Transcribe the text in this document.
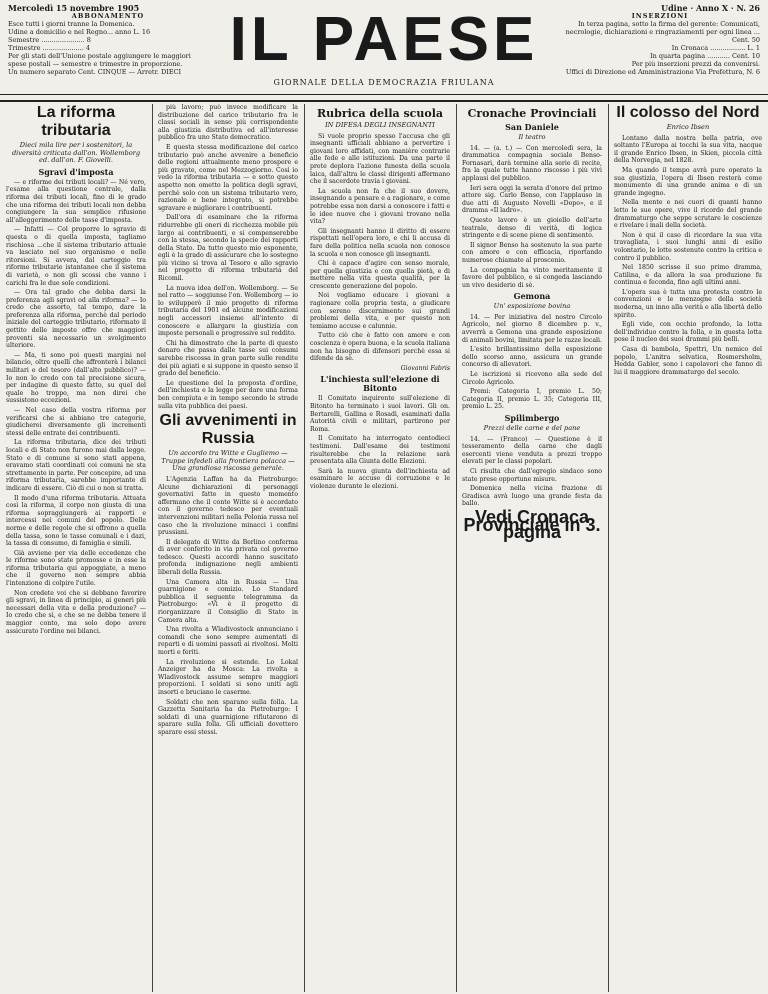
Mercoledì 15 novembre 1905
ABBONAMENTO
Esce tutti i giorni tranne la Domenica.
Udine a domicilio e nel Regno... anno L. 16
Semestre ..................... 8
Trimestre .................... 4
Per gli stati dell'Unione postale aggiungere le maggiori spese postali — semestre e trimestre in proporzione.
Un numero separato Cent. CINQUE — Arretr. DIECI IL PAESE
GIORNALE DELLA DEMOCRAZIA FRIULANA
Udine · Anno X · N. 26
INSERZIONI
In terza pagina, sotto la firma del gerente: Comunicati, necrologie, dichiarazioni e ringraziamenti per ogni linea ... Cent. 50
In Cronaca ................. L. 1
In quarta pagina ........... Cent. 10
Per più inserzioni prezzi da convenirsi.
Uffici di Direzione ed Amministrazione Via Prefettura, N. 6
La riforma tributaria
Dieci mila lire per i sostenitori, la diversità criticata dall'on. Wollemborg ed. dall'on. F. Giovelli.
Sgravi d'imposta

— e riforme dei tributi locali? — Né vero, l'esame alla questione centrale, dalla riforma dei tributi locali, fino di le grado che una riforma dei tributi locali non debba congiungere la sua semplice rifusione all'alleggerimento delle tasse d'imposta.

— Infatti — Col proporre lo sgravio di questa o di quella imposta, tagliamo rischiosa ...che il sistema tributario attuale va lasciato nel suo organismo e nelle ritorsioni. Si avvera, dal carteggio tra riforme tributarie istantanee che il sistema di varietà, o non gli scossi che vanno i carichi fra le due sole condizioni.

— Ora tal grado che debba darsi la preferenza agli sgravi od alla riforma? — Io credo che assorto, tal tempo, dare la preferenza alla riforma, perchè dal periodo iniziale del carteggio tributario, riformato il gettito delle imposte offre che maggiori proventi sia necessario un svolgimento ulteriore.

— Ma, ti sono poi questi margini nel bilancio, oltre quelli che affronterà i bilanci militari e del tesoro (dall'alto pubblico)? — Io non lo credo con tal precisione sicura, per indagine di questo fatto, su quel del quale ho troppo, ma non direi che sussistono eccezioni.

— Nel caso della vostra riforma per verificarsi che si abbiano tre categorie, giudicherei diversamente gli incrementi stessi delle entrate dei contribuenti.

La riforma tributaria, dice dei tributi locali e di Stato non furono mai dalla legge. Stato e di comune si sono stati appena, eravamo stati coordinati coi comuni ne sta strettamente in parte. Per concepire, ad una riforma tributaria, sarebbe importante di indicare di essere. Ciò di cui o non si tratta.

Il modo d'una riforma tributaria. Attuata così la riforma, il corpo non giusta di una riforma sopraggiungerà ai rapporti e intercessi nei comuni del popolo. Delle norme e delle regole che si offrono a quella della tassa, sono le tasse comunali e i dazi, la tassa di consumo, di famiglia e simili.

Già avviene per via delle eccedenze che le riforme sono state promosse e in esse la riforma tributaria qui appoggiate, a meno che il governo non sempre abbia l'intenzione di colpire l'utile.

Non credete voi che si debbano favorire gli sgravi, in linea di principio, ai generi più necessari della vita e della produzione? — Io credo che sì, e che se ne debba tenere il maggior conto, ma solo dopo avere assicurato l'ordine nei bilanci.

più lavoro; può invece modificare la distribuzione del carico tributario fra le classi sociali in senso più corrispondente alla giustizia distributiva ed all'interesse pubblico fra uno Stato democratico.

E questa stessa modificazione del carico tributario può anche avvenire a beneficio delle regioni attualmente meno prospere e più gravate, come nel Mezzogiorno. Così io vedo la riforma tributaria — e sotto questo aspetto non ometto la politica degli sgravi, perchè solo con un sistema tributario vero, razionale e bene integrato, si potrebbe sgravare e migliorare i contribuenti.

Dall'ora di esaminare che la riforma ridurrebbe gli oneri di ricchezza mobile più largo ai contribuenti, e si compenserebbe con la stessa, secondo la specie dei rapporti della Stato. Da tutto questo mio esponente, egli è la grado di assicurare che lo sostegno più vicino si trova al Tesoro e allo sgravio nel progetto di riforma tributaria del Ricomil.

La nuova idea dell'on. Wollemborg. — Se nel ratto — soggiunse l'on. Wollemborg — io lo svilupperò il mio progetto di riforma tributaria del 1901 ed alcune modificazioni negli accessori insieme all'intento di conoscere e allargare la giustizia con imposte personali e progressive sul reddito.

Chi ha dimostrato che la parte di questo denaro che passa dalle tasse sui consumi sarebbe riscossa in gran parte sulle rendite dei più agiati e si suppone in questo senso il grado del beneficio.

Le questione del la proposta d'ordine, dell'inchiesta e la legge per dare una forma ben compiuta e in tempo secondo le strade sulla vita pubblica dei paesi.

Gli avvenimenti in Russia
Un accordo tra Witte e Gugliemo — Truppe infedeli alla frontiera polacca — Una grandiosa riscossa generale.

L'Agenzia Laffan ha da Pietroburgo: Alcune dichiarazioni di personaggi governativi fatte in questo momento affermano che il conte Witte si è accordato con il governo tedesco per eventuali intervenzioni militari nella Polonia russa nel caso che la rivoluzione minacci i confini prussiani.

Il delegato di Witte da Berlino conferma di aver conferito in via privata col governo tedesco. Questi accordi hanno suscitato profonda indignazione negli ambienti liberali della Russia.

Una Camera alta in Russia — Una guarnigione e comizio. Lo Standard pubblica il seguente telegramma da Pietroburgo: «Vi è il progetto di riorganizzare il Consiglio di Stato in Camera alta.

Una rivolta a Wladivostock annunciano i comandi che sono sempre aumentati di reparti e di uomini passati ai rivoltosi. Molti morti e feriti.

La rivoluzione si estende. Lo Lokal Anzeiger ha da Mosca: La rivolta a Wladivostock assume sempre maggiori proporzioni. I soldati si sono uniti agli insorti e bruciano le caserme.

Soldati che non sparano sulla folla. La Gazzetta Sanitaria ha da Pietroburgo: I soldati di una guarnigione rifiutarono di sparare sulla folla. Gli ufficiali dovettero sparare essi stessi.

Rubrica della scuola
IN DIFESA DEGLI INSEGNANTI

Si vuole proprio spesso l'accusa che gli insegnanti ufficiali abbiano a pervertire i giovani loro affidati, con manière contrarie alle fede e alle istituzioni. Da una parte il prete deplora l'azione funesta della scuola laica, dall'altra le classi dirigenti affermano che il sacerdote travia i giovani.

La scuola non fa che il suo dovere, insegnando a pensare e a ragionare, e come potrebbe essa non darsi a conoscere i fatti e le idee nuove che i giovani trovano nella vita?

Gli insegnanti hanno il diritto di essere rispettati nell'opera loro, e chi li accusa di fare della politica nella scuola non conosce la scuola e non conosce gli insegnanti.

Chi è capace d'agire con senso morale, per quella giustizia e con quella pietà, e di mettere nella vita questa qualità, per la crescente generazione del popolo.

Noi vogliamo educare i giovani a ragionare colla propria testa, a giudicare con sereno discernimento sui grandi problemi della vita, e per questo non temiamo accuse e calunnie.

Tutto ciò che è fatto con amore e con coscienza è opera buona, e la scuola italiana non ha bisogno di difensori perchè essa si difende da sè.

Giovanni Fabris
L'inchiesta sull'elezione di Bitonto

Il Comitato inquirente sull'elezione di Bitonto ha terminato i suoi lavori. Gli on. Bertarelli, Gallina e Rosadi, esaminati dalla Autorità civili e militari, partirono per Roma.

Il Comitato ha interrogato centodieci testimoni. Dall'esame dei testimoni risulterebbe che la relazione sarà presentata alla Giunta delle Elezioni.

Sarà la nuova giunta dell'inchiesta ad esaminare le accuse di corruzione e le violenze durante le elezioni.

Cronache Provinciali
San Daniele
Il teatro

14. — (a. t.) — Con mercoledì sera, la drammatica compagnia sociale Benso-Fornasari, darà termine alla serie di recite, fra la quale tutte hanno riscosso i più vivi applausi del pubblico.

Ieri sera oggi la serata d'onore del primo attore sig. Carlo Benso, con l'applauso in due atti di Augusto Novelli «Dopo», e il dramma «Il ladro».

Questo lavoro è un gioiello dell'arte teatrale, denso di verità, di logica stringente e di scene piene di sentimento.

Il signor Benso ha sostenuto la sua parte con amore e con efficacia, riportando numerose chiamate al proscenio.

La compagnia ha vinto meritamente il favore del pubblico, e si congeda lasciando un vivo desiderio di sè.

Gemona
Un' esposizione bovina

14. — Per iniziativa del nostro Circolo Agricolo, nel giorno 8 dicembre p. v., avverrà a Gemona una grande esposizione di animali bovini, limitata per le razze locali.

L'esito brillantissimo della esposizione dello scorso anno, assicura un grande concorso di allevatori.

Le iscrizioni si ricevono alla sede del Circolo Agricolo.

Premi: Categoria I, premio L. 50; Categoria II, premio L. 35; Categoria III, premio L. 25.

Spilimbergo
Prezzi delle carne e del pane

14. — (Franco) — Questione è il tesseramento della carne che dagli esercenti viene venduta a prezzi troppo elevati per le classi popolari.

Ci risulta che dall'egregio sindaco sono state prese opportune misure.

Domenica nella vicina frazione di Gradisca avrà luogo una grande festa da ballo.

Vedi Cronaca Provinciale in 3. pagina
Il colosso del Nord
Enrico Ibsen

Lontano dalla nostra bella patria, ove soltanto l'Europa ai tocchi la sua vita, nacque il grande Enrico Ibsen, in Skien, piccola città della Norvegia, nel 1828.

Ma quando il tempo avrà pure operato la sua giustizia, l'opera di Ibsen resterà come monumento di una grande anima e di un grande ingegno.

Nella mente e nei cuori di quanti hanno letto le sue opere, vive il ricordo del grande drammaturgo che seppe scrutare le coscienze e rivelare i mali della società.

Non è qui il caso di ricordare la sua vita travagliata, i suoi lunghi anni di esilio volontario, le lotte sostenute contro la critica e contro il pubblico.

Nel 1850 scrisse il suo primo dramma, Catilina, e da allora la sua produzione fu continua e feconda, fino agli ultimi anni.

L'opera sua è tutta una protesta contro le convenzioni e le menzogne della società moderna, un inno alla verità e alla libertà dello spirito.

Egli vide, con occhio profondo, la lotta dell'individuo contro la folla, e in questa lotta pose il nucleo dei suoi drammi più belli.

Casa di bambola, Spettri, Un nemico del popolo, L'anitra selvatica, Rosmersholm, Hedda Gabler, sono i capolavori che fanno di lui il maggiore drammaturgo del secolo.
